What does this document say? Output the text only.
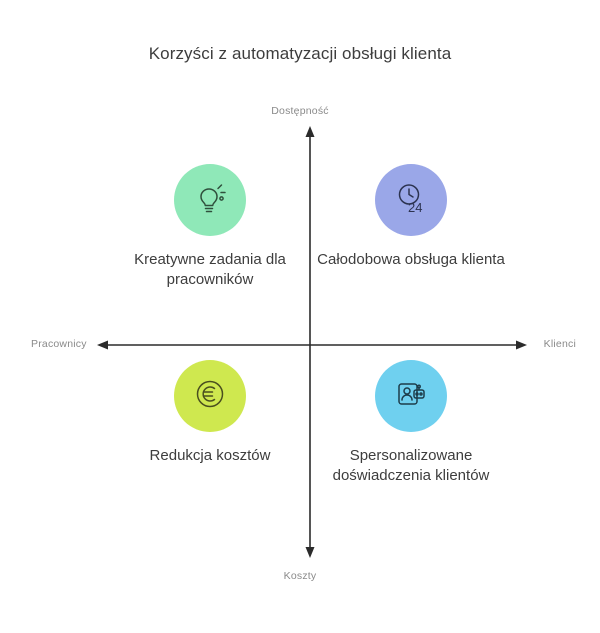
Korzyści z automatyzacji obsługi klienta
Dostępność
Koszty
Pracownicy	Klienci
Kreatywne zadania dla pracowników
24
Całodobowa obsługa klienta
Redukcja kosztów	Spersonalizowane doświadczenia klientów
